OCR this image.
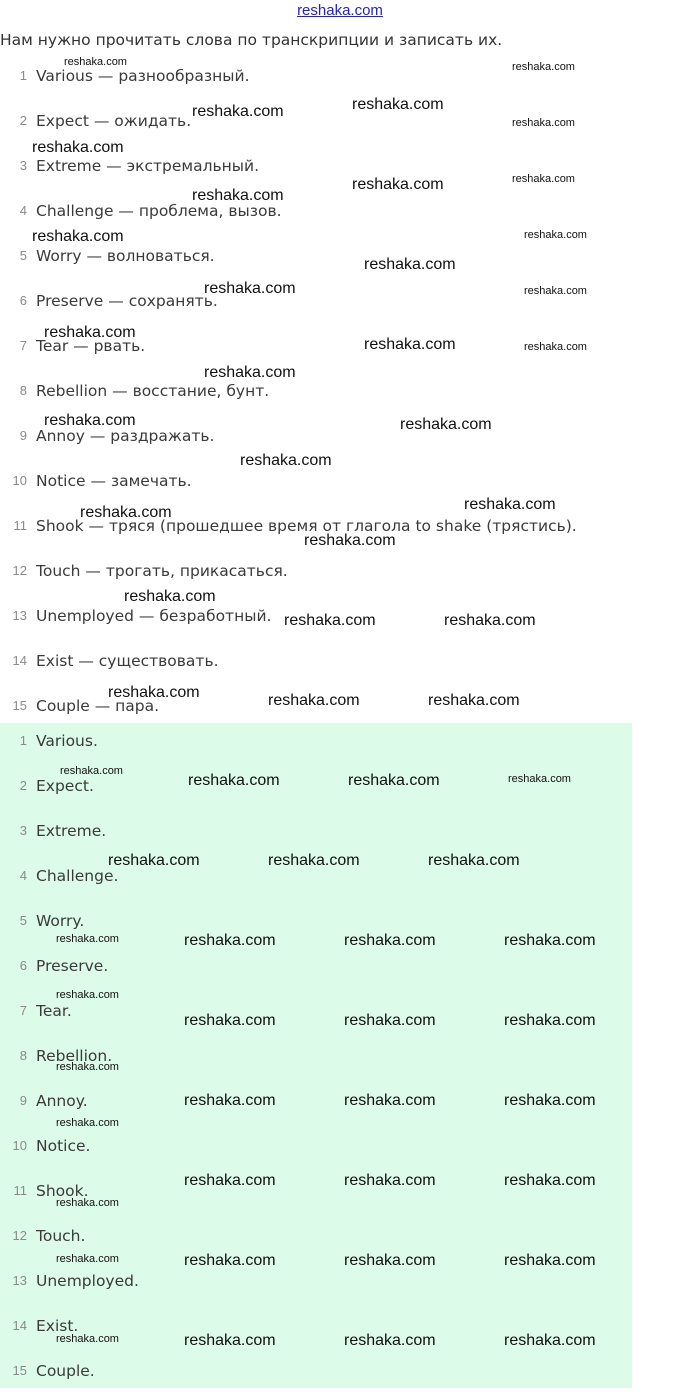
reshaka.com
Нам нужно прочитать слова по транскрипции и записать их.
1 Various — разнообразный.
2 Expect — ожидать.
3 Extreme — экстремальный.
4 Challenge — проблема, вызов.
5 Worry — волноваться.
6 Preserve — сохранять.
7 Tear — рвать.
8 Rebellion — восстание, бунт.
9 Annoy — раздражать.
10 Notice — замечать.
11 Shook — тряся (прошедшее время от глагола to shake (трястись).
12 Touch — трогать, прикасаться.
13 Unemployed — безработный.
14 Exist — существовать.
15 Couple — пара.
1 Various.
2 Expect.
3 Extreme.
4 Challenge.
5 Worry.
6 Preserve.
7 Tear.
8 Rebellion.
9 Annoy.
10 Notice.
11 Shook.
12 Touch.
13 Unemployed.
14 Exist.
15 Couple.
reshaka.com	reshaka.com
reshaka.com	reshaka.com
reshaka.com
reshaka.com
reshaka.com	reshaka.com
reshaka.com
reshaka.com	reshaka.com
reshaka.com
reshaka.com	reshaka.com
reshaka.com
reshaka.com	reshaka.com
reshaka.com
reshaka.com	reshaka.com
reshaka.com
reshaka.com
reshaka.com
reshaka.com
reshaka.com
reshaka.com	reshaka.com
reshaka.com	reshaka.com	reshaka.com
reshaka.com
reshaka.com	reshaka.com	reshaka.com
reshaka.com	reshaka.com	reshaka.com
reshaka.com	reshaka.com	reshaka.com	reshaka.com
reshaka.com
reshaka.com	reshaka.com	reshaka.com
reshaka.com
reshaka.com	reshaka.com	reshaka.com
reshaka.com
reshaka.com	reshaka.com	reshaka.com
reshaka.com
reshaka.com	reshaka.com	reshaka.com	reshaka.com
reshaka.com	reshaka.com	reshaka.com	reshaka.com
